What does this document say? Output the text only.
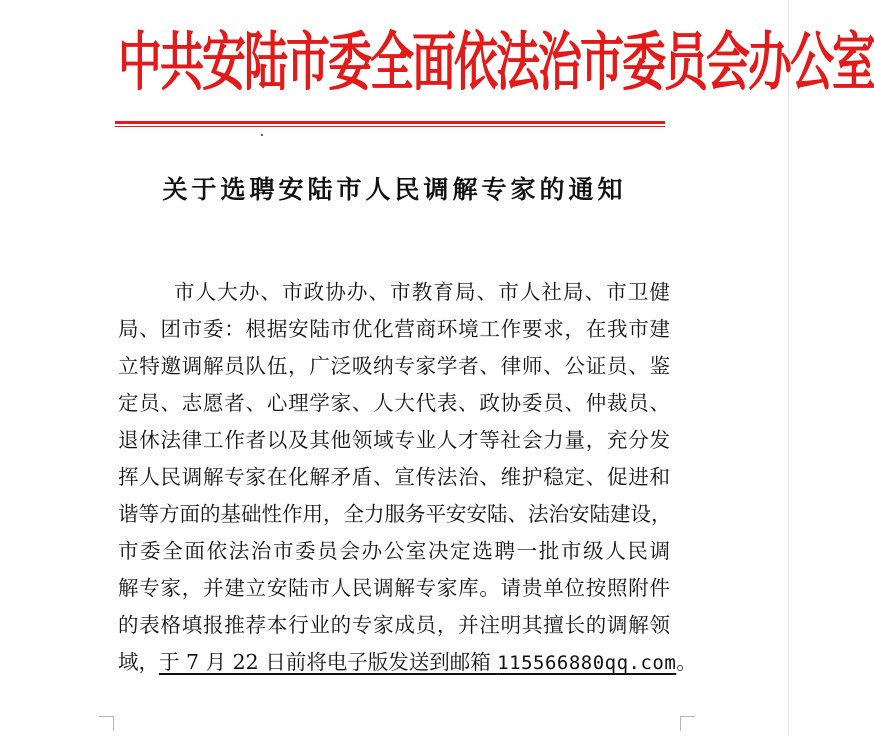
中共安陆市委全面依法治市委员会办公室
关于选聘安陆市人民调解专家的通知
市人大办、市政协办、市教育局、市人社局、市卫健
局、团市委：根据安陆市优化营商环境工作要求，在我市建
立特邀调解员队伍，广泛吸纳专家学者、律师、公证员、鉴
定员、志愿者、心理学家、人大代表、政协委员、仲裁员、
退休法律工作者以及其他领域专业人才等社会力量，充分发
挥人民调解专家在化解矛盾、宣传法治、维护稳定、促进和
谐等方面的基础性作用，全力服务平安安陆、法治安陆建设，
市委全面依法治市委员会办公室决定选聘一批市级人民调
解专家，并建立安陆市人民调解专家库。请贵单位按照附件
的表格填报推荐本行业的专家成员，并注明其擅长的调解领
域，于 7 月 22 日前将电子版发送到邮箱 115566880qq.com。
